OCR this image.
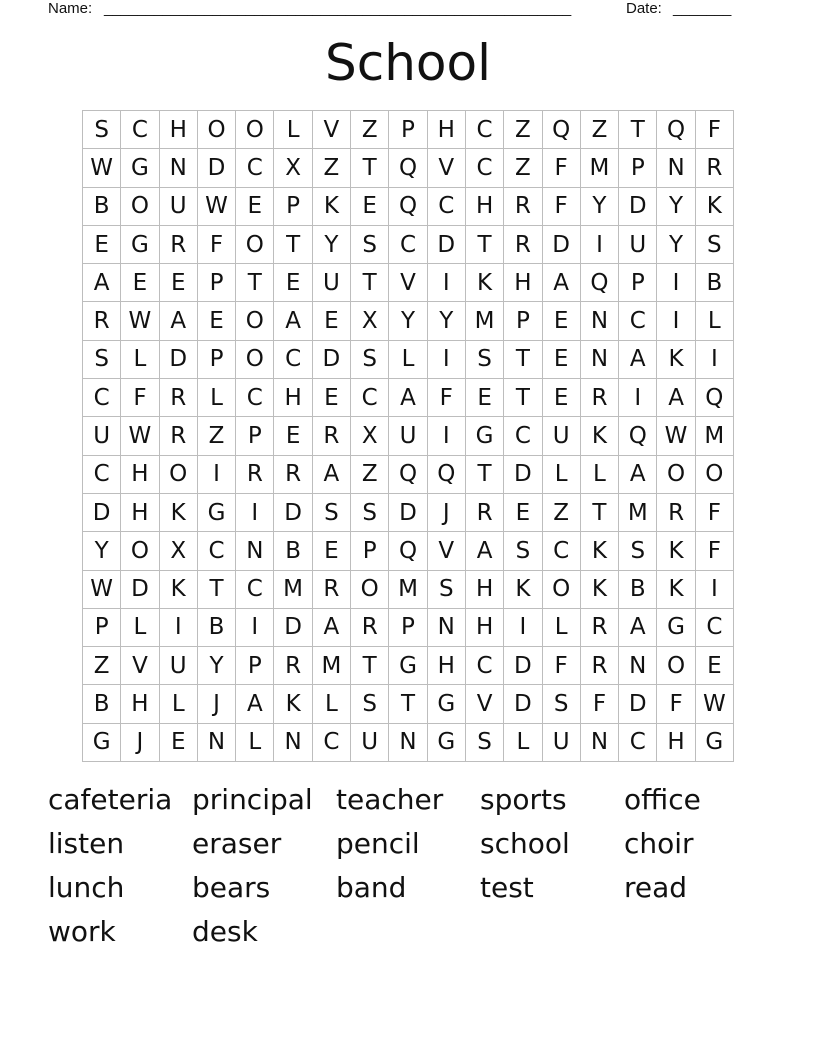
Name: ________________________________________________________	Date: _______
School
S C H O O L	V Z	P H C Z Q Z	T Q F
W G N D C X Z	T Q V C Z	F M P N R
B O U W E	P	K	E Q C H R	F	Y D Y	K
E G R	F O T	Y	S C D T	R D	I	U Y	S
A	E	E	P	T	E U T	V	I	K H A Q P	I	B
R W A	E O A	E	X	Y	Y M P	E N C	I	L
S	L	D P O C D S	L	I	S	T	E N A K	I
C	F	R	L	C H E C A	F	E	T	E	R	I	A Q
U W R Z	P	E	R X U	I	G C U K Q W M
C H O	I	R R A Z Q Q T D	L	L	A O O
D H K G	I	D S	S D	J	R	E	Z	T M R	F
Y O X C N B	E	P Q V A	S C K	S	K	F
W D K	T	C M R O M S H K O K B K	I
P	L	I	B	I	D A R	P N H	I	L	R A G C
Z V U Y	P	R M T G H C D F	R N O E
B H	L	J	A K	L	S	T G V D S	F D F W
G	J	E N	L	N C U N G S	L	U N C H G
cafeteria principal teacher	sports	office
listen	eraser	pencil	school	choir
lunch	bears	band	test	read
work	desk
